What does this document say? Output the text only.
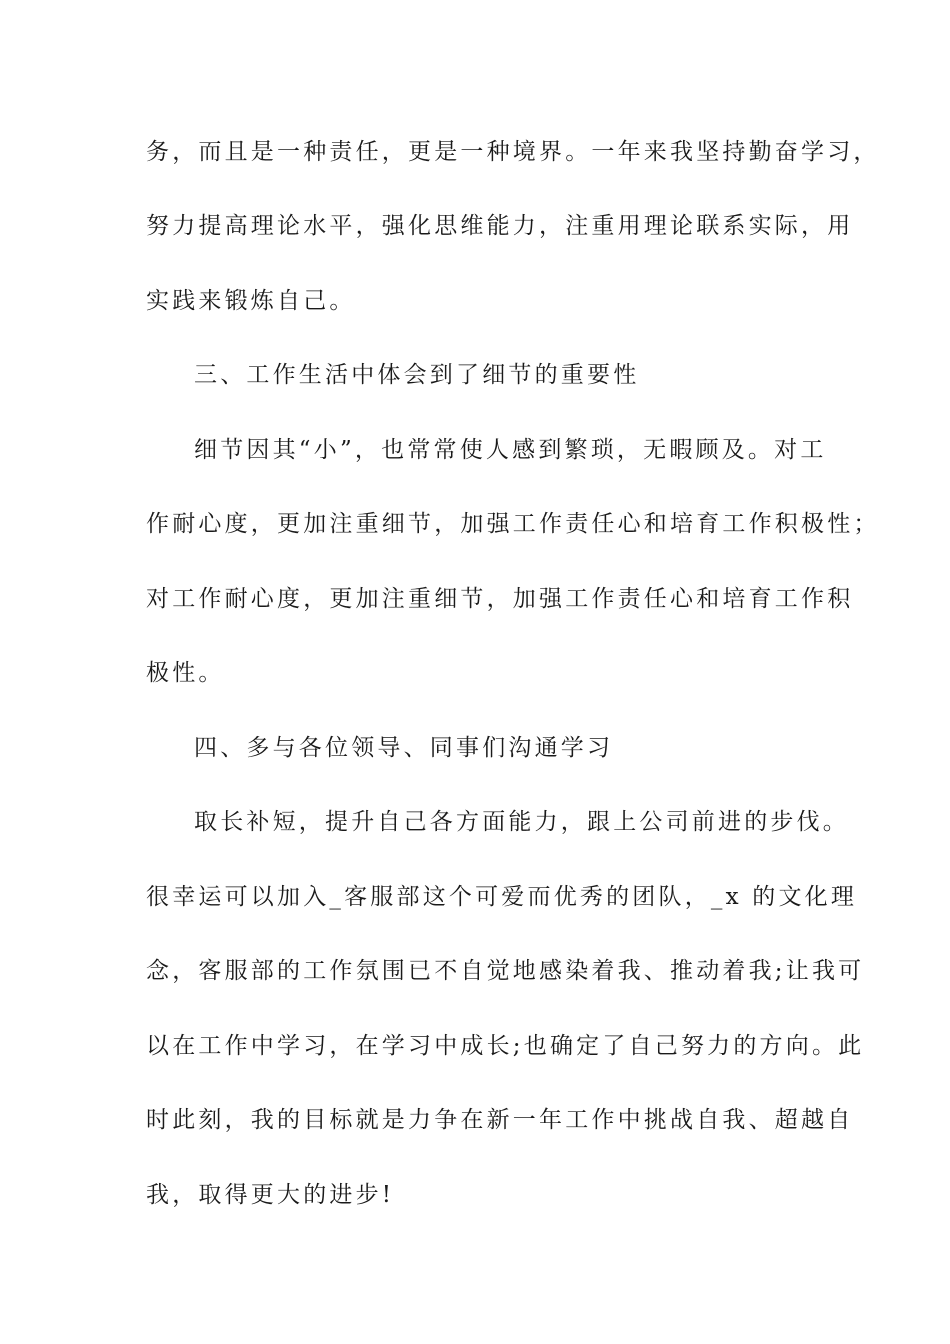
务，而且是一种责任，更是一种境界。一年来我坚持勤奋学习，
努力提高理论水平，强化思维能力，注重用理论联系实际，用
实践来锻炼自己。
三、工作生活中体会到了细节的重要性
细节因其“小”，也常常使人感到繁琐，无暇顾及。对工
作耐心度，更加注重细节，加强工作责任心和培育工作积极性；
对工作耐心度，更加注重细节，加强工作责任心和培育工作积
极性。
四、多与各位领导、同事们沟通学习
取长补短，提升自己各方面能力，跟上公司前进的步伐。
很幸运可以加入_客服部这个可爱而优秀的团队，_x 的文化理
念，客服部的工作氛围已不自觉地感染着我、推动着我;让我可
以在工作中学习，在学习中成长;也确定了自己努力的方向。此
时此刻，我的目标就是力争在新一年工作中挑战自我、超越自
我，取得更大的进步!
